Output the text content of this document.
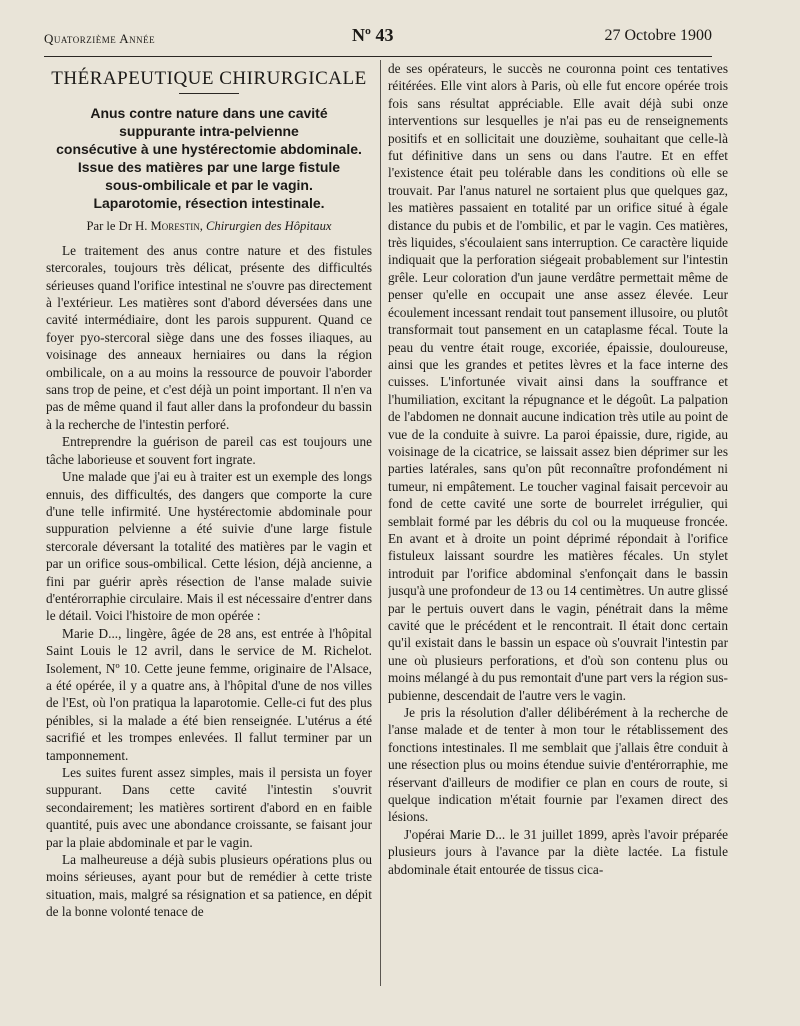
Quatorzième Année	Nº 43	27 Octobre 1900
THÉRAPEUTIQUE CHIRURGICALE
Anus contre nature dans une cavité
suppurante intra-pelvienne
consécutive à une hystérectomie abdominale.
Issue des matières par une large fistule
sous-ombilicale et par le vagin.
Laparotomie, résection intestinale.
Par le Dr H. Morestin, Chirurgien des Hôpitaux

Le traitement des anus contre nature et des fistules stercorales, toujours très délicat, présente des difficultés sérieuses quand l'orifice intestinal ne s'ouvre pas directement à l'extérieur. Les matières sont d'abord déversées dans une cavité intermédiaire, dont les parois suppurent. Quand ce foyer pyo-stercoral siège dans une des fosses iliaques, au voisinage des anneaux herniaires ou dans la région ombilicale, on a au moins la ressource de pouvoir l'aborder sans trop de peine, et c'est déjà un point important. Il n'en va pas de même quand il faut aller dans la profondeur du bassin à la recherche de l'intestin perforé.

Entreprendre la guérison de pareil cas est toujours une tâche laborieuse et souvent fort ingrate.

Une malade que j'ai eu à traiter est un exemple des longs ennuis, des difficultés, des dangers que comporte la cure d'une telle infirmité. Une hystérectomie abdominale pour suppuration pelvienne a été suivie d'une large fistule stercorale déversant la totalité des matières par le vagin et par un orifice sous-ombilical. Cette lésion, déjà ancienne, a fini par guérir après résection de l'anse malade suivie d'entérorraphie circulaire. Mais il est nécessaire d'entrer dans le détail. Voici l'histoire de mon opérée :

Marie D..., lingère, âgée de 28 ans, est entrée à l'hôpital Saint Louis le 12 avril, dans le service de M. Richelot. Isolement, Nº 10. Cette jeune femme, originaire de l'Alsace, a été opérée, il y a quatre ans, à l'hôpital d'une de nos villes de l'Est, où l'on pratiqua la laparotomie. Celle-ci fut des plus pénibles, si la malade a été bien renseignée. L'utérus a été sacrifié et les trompes enlevées. Il fallut terminer par un tamponnement.

Les suites furent assez simples, mais il persista un foyer suppurant. Dans cette cavité l'intestin s'ouvrit secondairement; les matières sortirent d'abord en en faible quantité, puis avec une abondance croissante, se faisant jour par la plaie abdominale et par le vagin.

La malheureuse a déjà subis plusieurs opérations plus ou moins sérieuses, ayant pour but de remédier à cette triste situation, mais, malgré sa résignation et sa patience, en dépit de la bonne volonté tenace de

de ses opérateurs, le succès ne couronna point ces tentatives réitérées. Elle vint alors à Paris, où elle fut encore opérée trois fois sans résultat appréciable. Elle avait déjà subi onze interventions sur lesquelles je n'ai pas eu de renseignements positifs et en sollicitait une douzième, souhaitant que celle-là fut définitive dans un sens ou dans l'autre. Et en effet l'existence était peu tolérable dans les conditions où elle se trouvait. Par l'anus naturel ne sortaient plus que quelques gaz, les matières passaient en totalité par un orifice situé à égale distance du pubis et de l'ombilic, et par le vagin. Ces matières, très liquides, s'écoulaient sans interruption. Ce caractère liquide indiquait que la perforation siégeait probablement sur l'intestin grêle. Leur coloration d'un jaune verdâtre permettait même de penser qu'elle en occupait une anse assez élevée. Leur écoulement incessant rendait tout pansement illusoire, ou plutôt transformait tout pansement en un cataplasme fécal. Toute la peau du ventre était rouge, excoriée, épaissie, douloureuse, ainsi que les grandes et petites lèvres et la face interne des cuisses. L'infortunée vivait ainsi dans la souffrance et l'humiliation, excitant la répugnance et le dégoût. La palpation de l'abdomen ne donnait aucune indication très utile au point de vue de la conduite à suivre. La paroi épaissie, dure, rigide, au voisinage de la cicatrice, se laissait assez bien déprimer sur les parties latérales, sans qu'on pût reconnaître profondément ni tumeur, ni empâtement. Le toucher vaginal faisait percevoir au fond de cette cavité une sorte de bourrelet irrégulier, qui semblait formé par les débris du col ou la muqueuse froncée. En avant et à droite un point déprimé répondait à l'orifice fistuleux laissant sourdre les matières fécales. Un stylet introduit par l'orifice abdominal s'enfonçait dans le bassin jusqu'à une profondeur de 13 ou 14 centimètres. Un autre glissé par le pertuis ouvert dans le vagin, pénétrait dans la même cavité que le précédent et le rencontrait. Il était donc certain qu'il existait dans le bassin un espace où s'ouvrait l'intestin par une où plusieurs perforations, et d'où son contenu plus ou moins mélangé à du pus remontait d'une part vers la région sus-pubienne, descendait de l'autre vers le vagin.

Je pris la résolution d'aller délibérément à la recherche de l'anse malade et de tenter à mon tour le rétablissement des fonctions intestinales. Il me semblait que j'allais être conduit à une résection plus ou moins étendue suivie d'entérorraphie, me réservant d'ailleurs de modifier ce plan en cours de route, si quelque indication m'était fournie par l'examen direct des lésions.

J'opérai Marie D... le 31 juillet 1899, après l'avoir préparée plusieurs jours à l'avance par la diète lactée. La fistule abdominale était entourée de tissus cica-
